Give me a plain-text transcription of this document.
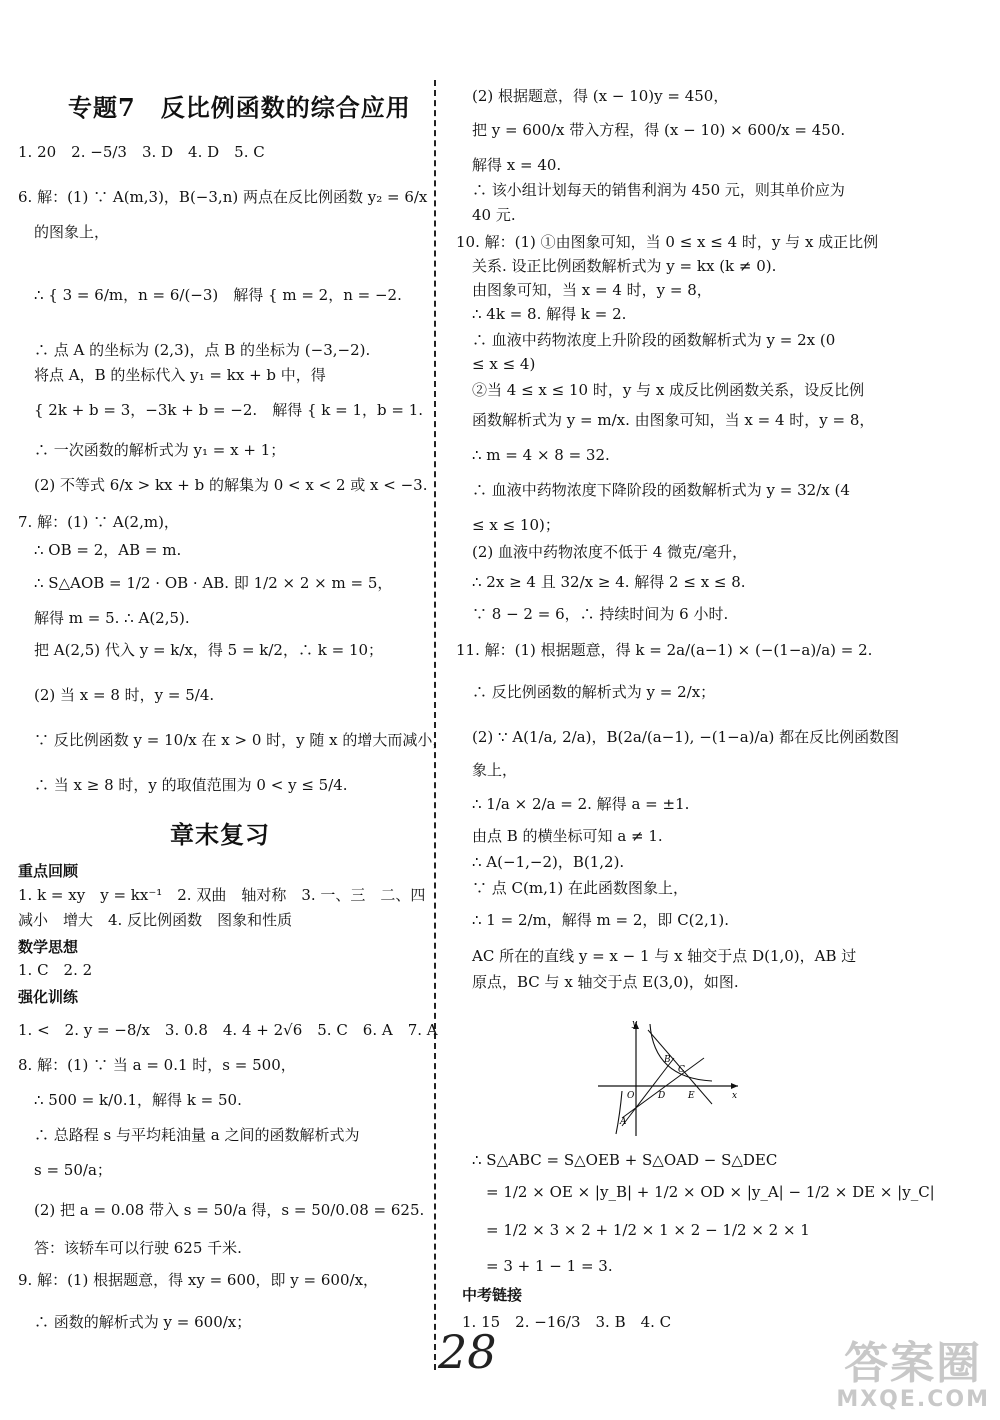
专题7　反比例函数的综合应用
1. 20　2. −5/3　3. D　4. D　5. C
6. 解：(1) ∵ A(m,3)，B(−3,n) 两点在反比例函数 y₂ = 6/x
的图象上，
∴ { 3 = 6/m，n = 6/(−3)　解得 { m = 2，n = −2.
∴ 点 A 的坐标为 (2,3)，点 B 的坐标为 (−3,−2).
将点 A，B 的坐标代入 y₁ = kx + b 中，得
{ 2k + b = 3，−3k + b = −2.　解得 { k = 1，b = 1.
∴ 一次函数的解析式为 y₁ = x + 1；
(2) 不等式 6/x > kx + b 的解集为 0 < x < 2 或 x < −3.
7. 解：(1) ∵ A(2,m)，
∴ OB = 2，AB = m.
∴ S△AOB = 1/2 · OB · AB. 即 1/2 × 2 × m = 5，
解得 m = 5. ∴ A(2,5).
把 A(2,5) 代入 y = k/x，得 5 = k/2，∴ k = 10；
(2) 当 x = 8 时，y = 5/4.
∵ 反比例函数 y = 10/x 在 x > 0 时，y 随 x 的增大而减小，
∴ 当 x ≥ 8 时，y 的取值范围为 0 < y ≤ 5/4.
章末复习
重点回顾
1. k = xy　y = kx⁻¹　2. 双曲　轴对称　3. 一、三　二、四
减小　增大　4. 反比例函数　图象和性质
数学思想
1. C　2. 2
强化训练
1. <　2. y = −8/x　3. 0.8　4. 4 + 2√6　5. C　6. A　7. A
8. 解：(1) ∵ 当 a = 0.1 时，s = 500，
∴ 500 = k/0.1，解得 k = 50.
∴ 总路程 s 与平均耗油量 a 之间的函数解析式为
s = 50/a；
(2) 把 a = 0.08 带入 s = 50/a 得，s = 50/0.08 = 625.
答：该轿车可以行驶 625 千米.
9. 解：(1) 根据题意，得 xy = 600，即 y = 600/x，
∴ 函数的解析式为 y = 600/x；
(2) 根据题意，得 (x − 10)y = 450，
把 y = 600/x 带入方程，得 (x − 10) × 600/x = 450.
解得 x = 40.
∴ 该小组计划每天的销售利润为 450 元，则其单价应为
40 元.
10. 解：(1) ①由图象可知，当 0 ≤ x ≤ 4 时，y 与 x 成正比例
关系. 设正比例函数解析式为 y = kx (k ≠ 0).
由图象可知，当 x = 4 时，y = 8，
∴ 4k = 8. 解得 k = 2.
∴ 血液中药物浓度上升阶段的函数解析式为 y = 2x (0
≤ x ≤ 4)
②当 4 ≤ x ≤ 10 时，y 与 x 成反比例函数关系，设反比例
函数解析式为 y = m/x. 由图象可知，当 x = 4 时，y = 8，
∴ m = 4 × 8 = 32.
∴ 血液中药物浓度下降阶段的函数解析式为 y = 32/x (4
≤ x ≤ 10)；
(2) 血液中药物浓度不低于 4 微克/毫升，
∴ 2x ≥ 4 且 32/x ≥ 4. 解得 2 ≤ x ≤ 8.
∵ 8 − 2 = 6，∴ 持续时间为 6 小时.
11. 解：(1) 根据题意，得 k = 2a/(a−1) × (−(1−a)/a) = 2.
∴ 反比例函数的解析式为 y = 2/x；
(2) ∵ A(1/a, 2/a)，B(2a/(a−1), −(1−a)/a) 都在反比例函数图
象上，
∴ 1/a × 2/a = 2. 解得 a = ±1.
由点 B 的横坐标可知 a ≠ 1.
∴ A(−1,−2)，B(1,2).
∵ 点 C(m,1) 在此函数图象上，
∴ 1 = 2/m，解得 m = 2，即 C(2,1).
AC 所在的直线 y = x − 1 与 x 轴交于点 D(1,0)，AB 过
原点，BC 与 x 轴交于点 E(3,0)，如图.
y
x
B
C
O	D	E
A
∴ S△ABC = S△OEB + S△OAD − S△DEC
= 1/2 × OE × |y_B| + 1/2 × OD × |y_A| − 1/2 × DE × |y_C|
= 1/2 × 3 × 2 + 1/2 × 1 × 2 − 1/2 × 2 × 1
= 3 + 1 − 1 = 3.
中考链接
1. 15　2. −16/3　3. B　4. C
28	答案圈
MXQE.COM
